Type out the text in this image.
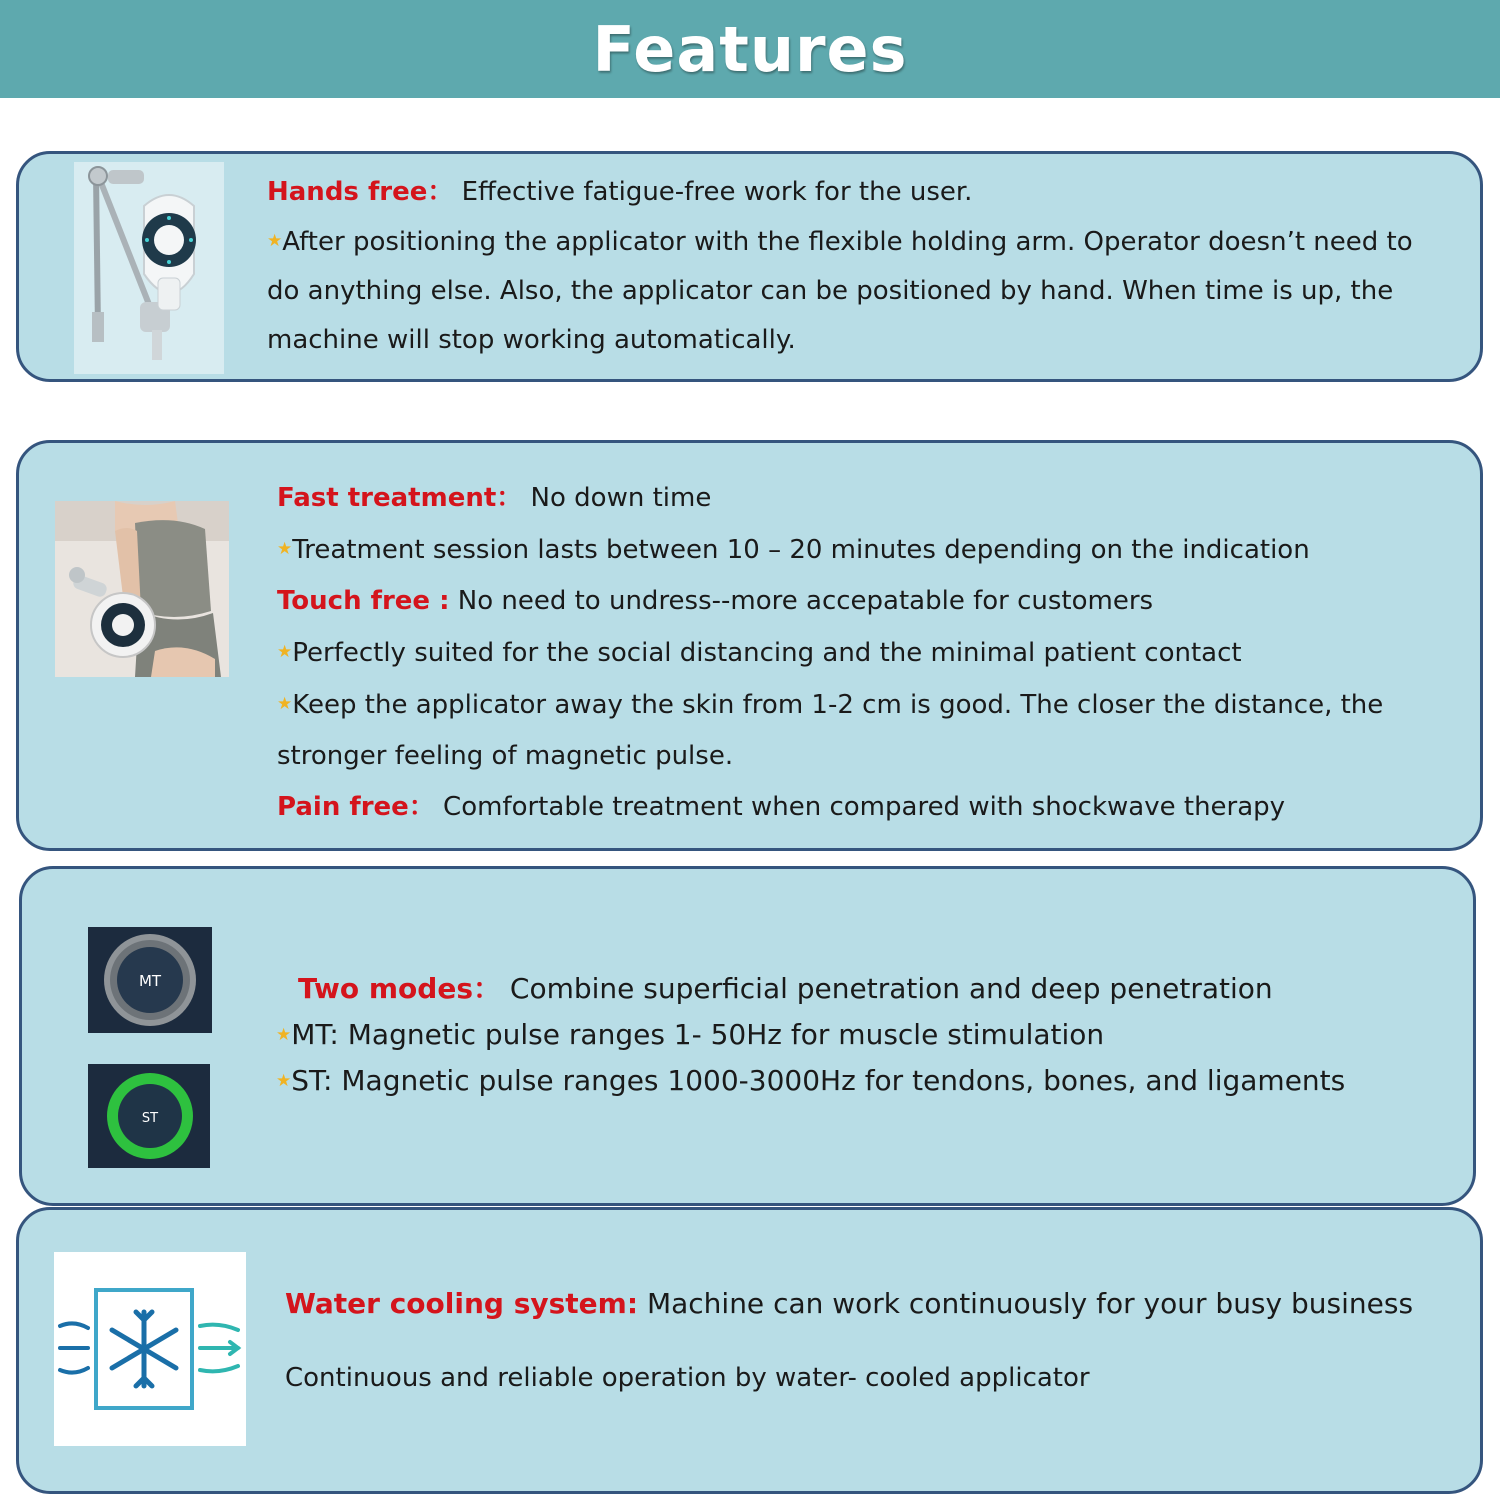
Features

Hands free： Effective fatigue-free work for the user.

★After positioning the applicator with the flexible holding arm. Operator doesn’t need to

do anything else. Also, the applicator can be positioned by hand. When time is up, the

machine will stop working automatically.

Fast treatment： No down time

★Treatment session lasts between 10 – 20 minutes depending on the indication

Touch free : No need to undress--more accepatable for customers

★Perfectly suited for the social distancing and the minimal patient contact

★Keep the applicator away the skin from 1-2 cm is good. The closer the distance, the

stronger feeling of magnetic pulse.

Pain free： Comfortable treatment when compared with shockwave therapy

MT
ST

Two modes： Combine superficial penetration and deep penetration

★MT: Magnetic pulse ranges 1- 50Hz for muscle stimulation

★ST: Magnetic pulse ranges 1000-3000Hz for tendons, bones, and ligaments

Water cooling system: Machine can work continuously for your busy business

Continuous and reliable operation by water- cooled applicator
